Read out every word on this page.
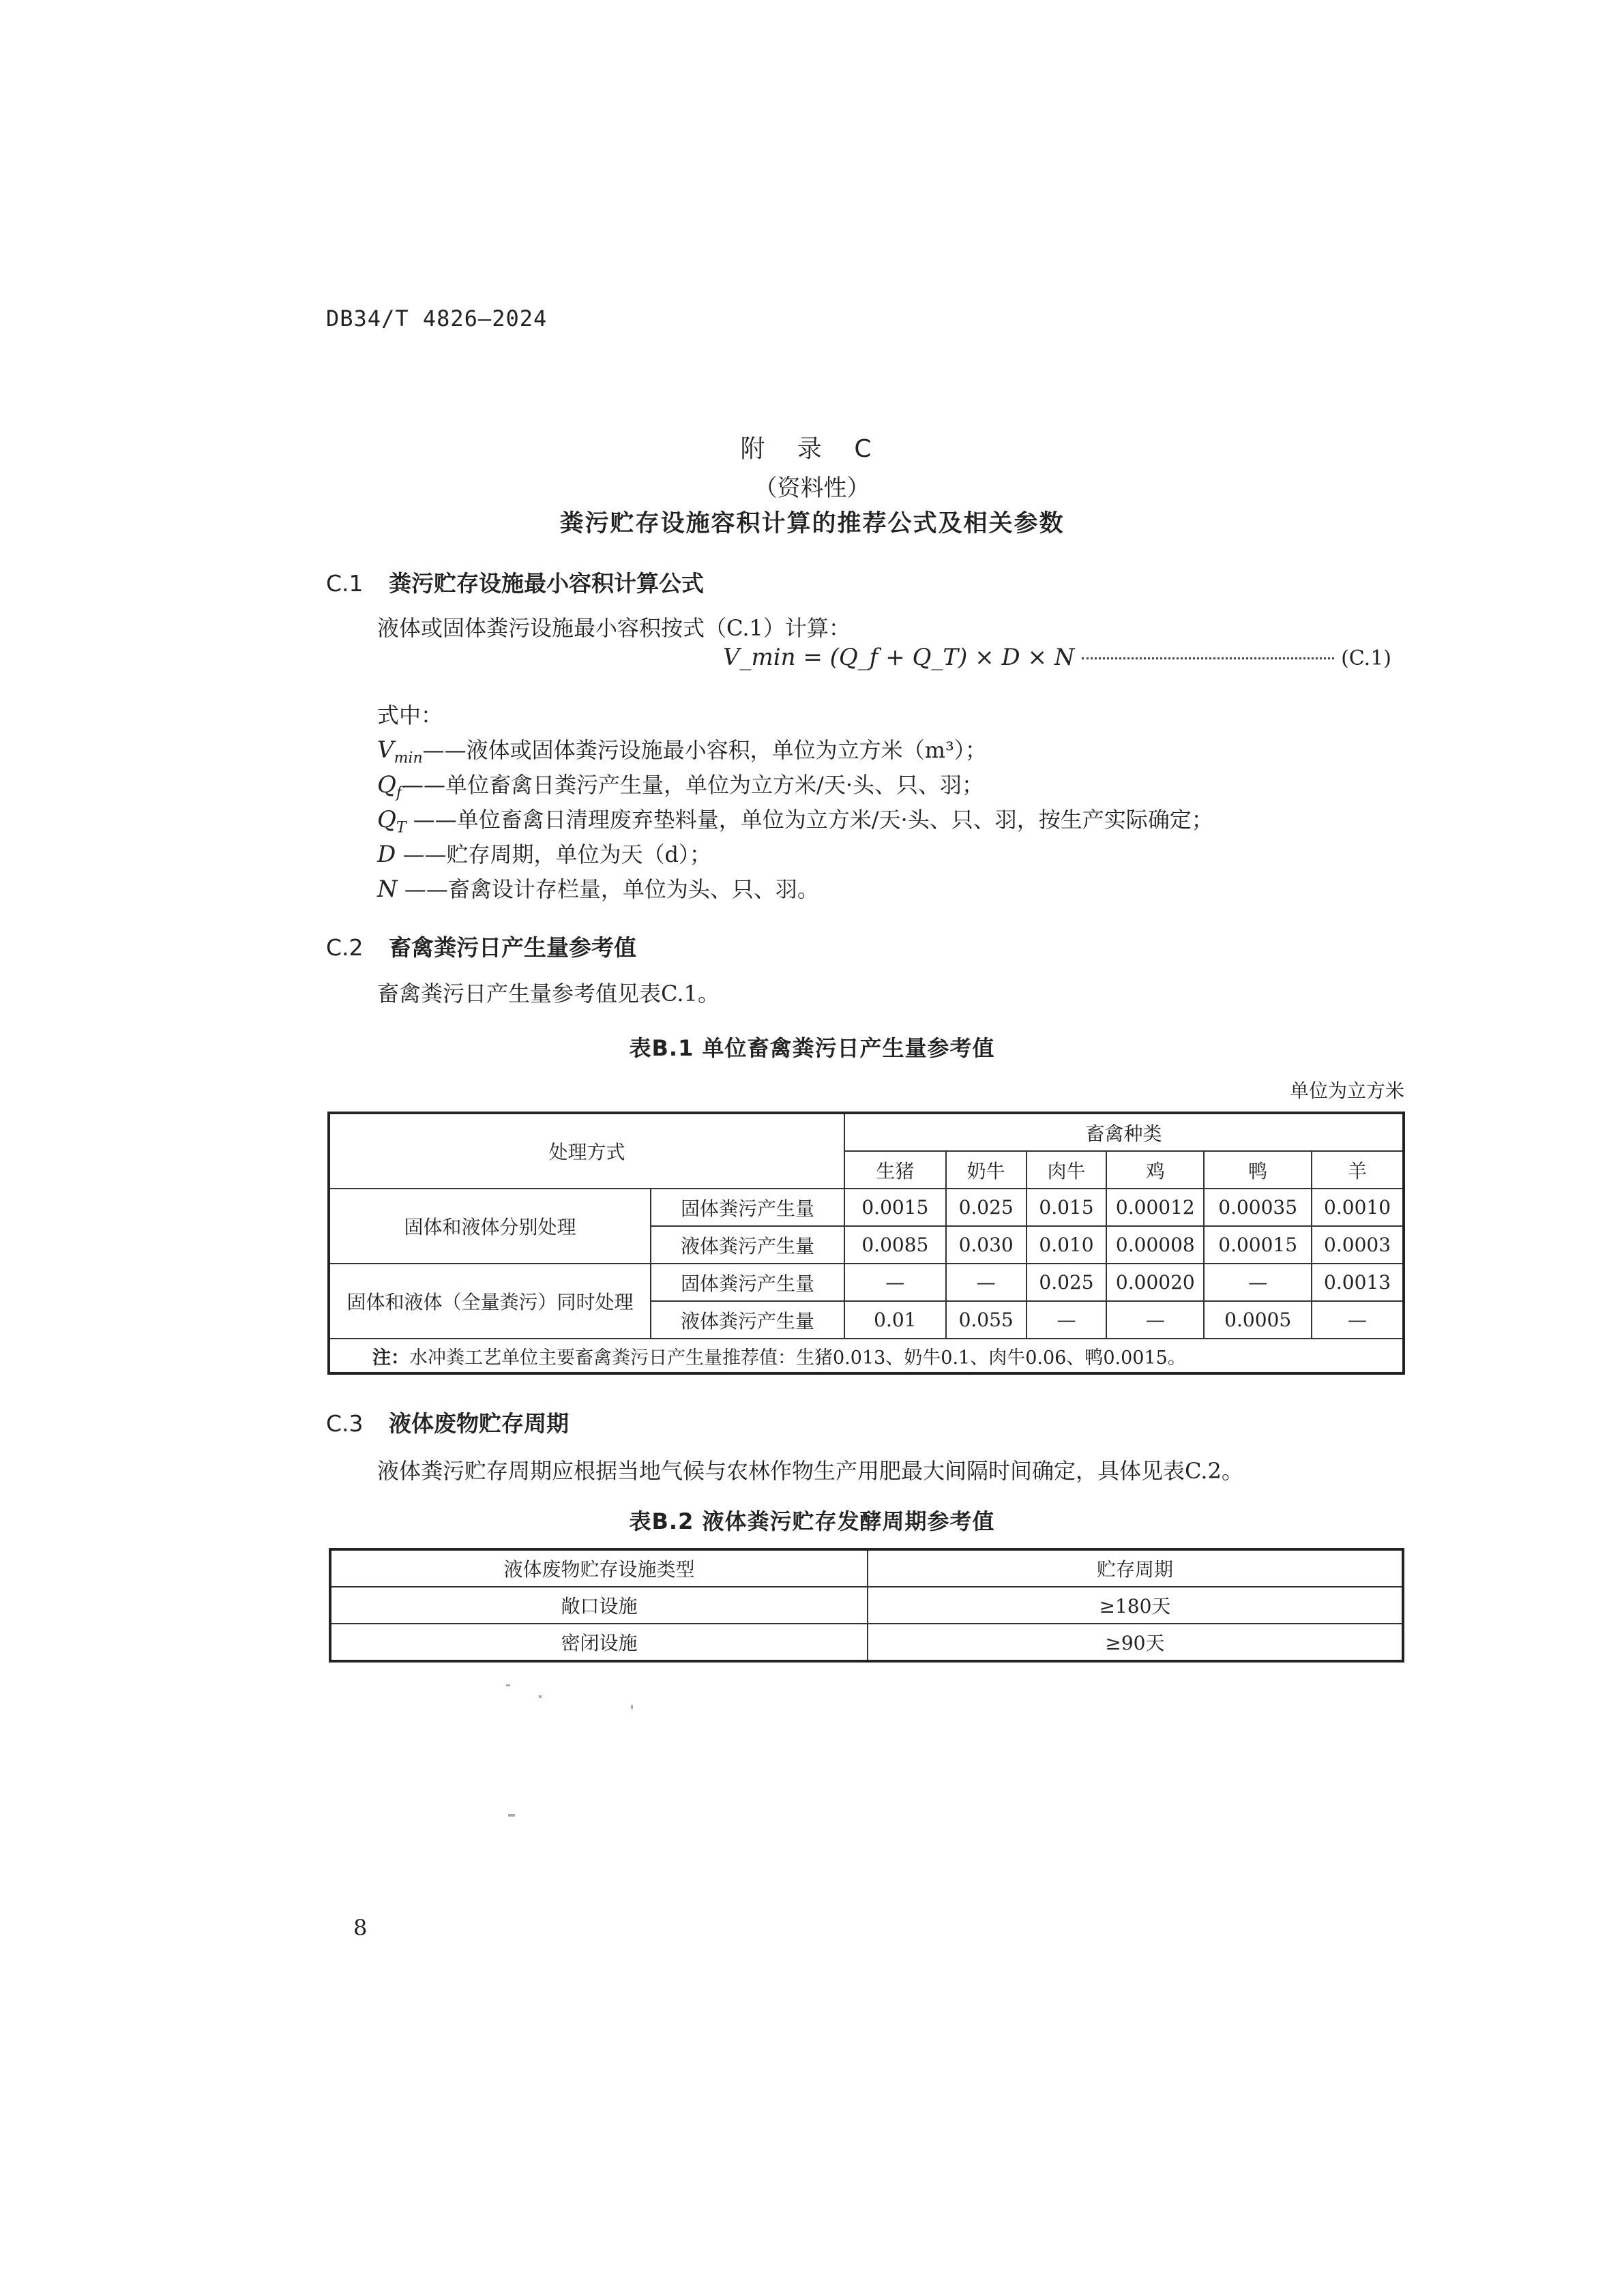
DB34/T 4826—2024
附 录 C
（资料性）
粪污贮存设施容积计算的推荐公式及相关参数
C.1 粪污贮存设施最小容积计算公式
液体或固体粪污设施最小容积按式（C.1）计算：
V_min = (Q_f + Q_T) × D × N	(C.1)
式中：
$V_{min}——$液体或固体粪污设施最小容积，单位为立方米（m³）；
$Q_f——$单位畜禽日粪污产生量，单位为立方米/天·头、只、羽；
$Q_T$ ——单位畜禽日清理废弃垫料量，单位为立方米/天·头、只、羽，按生产实际确定；
D ——贮存周期，单位为天（d）；
N ——畜禽设计存栏量，单位为头、只、羽。
C.2 畜禽粪污日产生量参考值
畜禽粪污日产生量参考值见表C.1。
表B.1 单位畜禽粪污日产生量参考值
单位为立方米
处理方式		畜禽种类					
		生猪	奶牛	肉牛	鸡	鸭	羊
固体和液体分别处理	固体粪污产生量	0.0015	0.025	0.015	0.00012	0.00035	0.0010
	液体粪污产生量	0.0085	0.030	0.010	0.00008	0.00015	0.0003
固体和液体（全量粪污）同时处理	固体粪污产生量	—	—	0.025	0.00020	—	0.0013
	液体粪污产生量	0.01	0.055	—	—	0.0005	—
注：水冲粪工艺单位主要畜禽粪污日产生量推荐值：生猪0.013、奶牛0.1、肉牛0.06、鸭0.0015。							
C.3 液体废物贮存周期
液体粪污贮存周期应根据当地气候与农林作物生产用肥最大间隔时间确定，具体见表C.2。
表B.2 液体粪污贮存发酵周期参考值
液体废物贮存设施类型	贮存周期
敞口设施	≥180天
密闭设施	≥90天
8
